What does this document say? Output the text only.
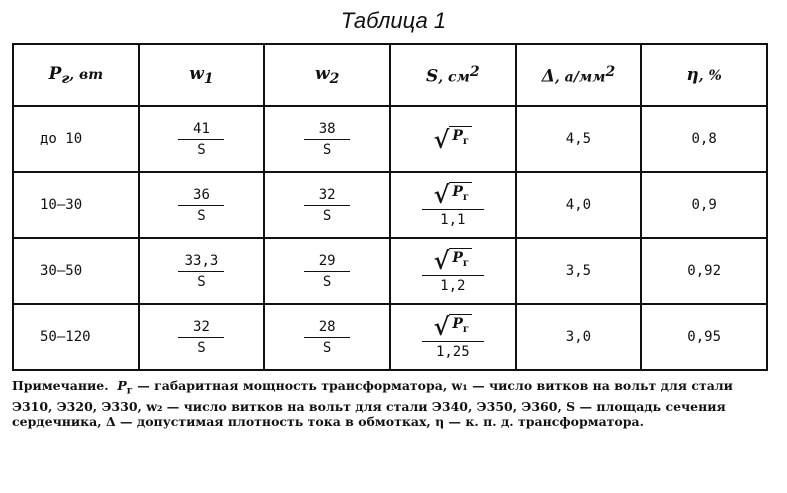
Таблица 1
$P_г$, вт	$w_1$	$w_2$	S, $см^2$	Δ, $а/мм^2$	η, %
до 10	$\frac{41}{S}$	$\frac{38}{S}$	√ $P_г$	4,5	0,8
10—30	$\frac{36}{S}$	$\frac{32}{S}$	$\frac{√ P_г}{1,1}$	4,0	0,9
30—50	$\frac{33,3}{S}$	$\frac{29}{S}$	$\frac{√ P_г}{1,2}$	3,5	0,92
50—120	$\frac{32}{S}$	$\frac{28}{S}$	$\frac{√ P_г}{1,25}$	3,0	0,95
Примечание. $P_г$ — габаритная мощность трансформатора, w₁ — число витков на вольт для стали Э310, Э320, Э330, w₂ — число витков на вольт для стали Э340, Э350, Э360, S — площадь сечения сердечника, Δ — допустимая плотность тока в обмотках, η — к. п. д. трансформатора.
